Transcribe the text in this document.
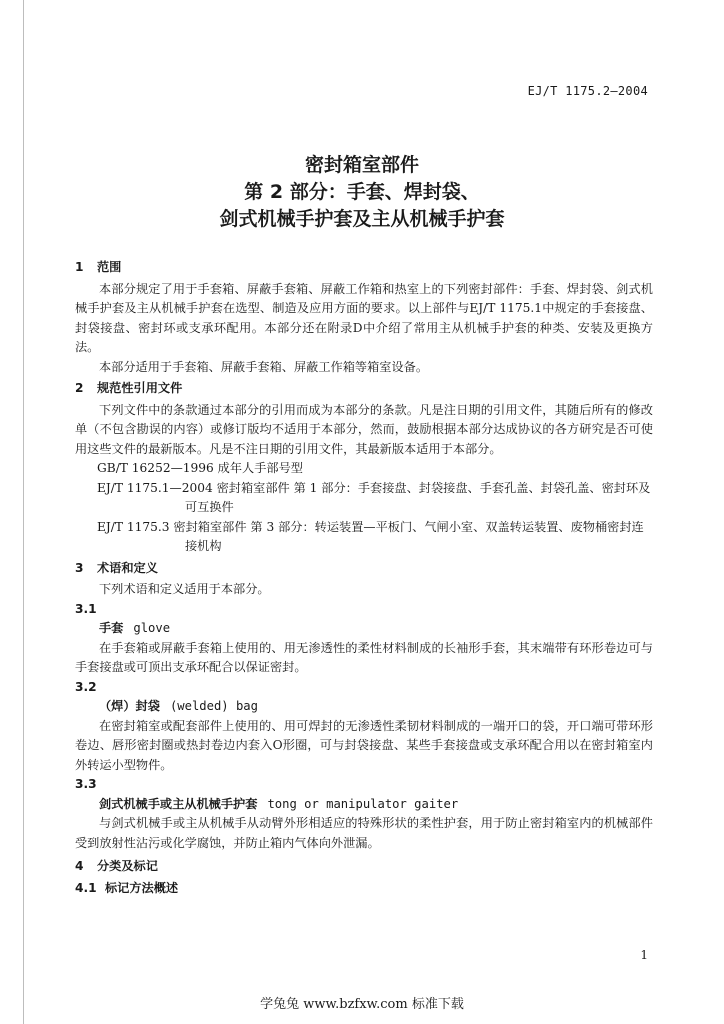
EJ/T 1175.2—2004
密封箱室部件
第 2 部分：手套、焊封袋、
剑式机械手护套及主从机械手护套
1 范围

本部分规定了用于手套箱、屏蔽手套箱、屏蔽工作箱和热室上的下列密封部件：手套、焊封袋、剑式机械手护套及主从机械手护套在选型、制造及应用方面的要求。以上部件与EJ/T 1175.1中规定的手套接盘、封袋接盘、密封环或支承环配用。本部分还在附录D中介绍了常用主从机械手护套的种类、安装及更换方法。

本部分适用于手套箱、屏蔽手套箱、屏蔽工作箱等箱室设备。

2 规范性引用文件

下列文件中的条款通过本部分的引用而成为本部分的条款。凡是注日期的引用文件，其随后所有的修改单（不包含勘误的内容）或修订版均不适用于本部分，然而，鼓励根据本部分达成协议的各方研究是否可使用这些文件的最新版本。凡是不注日期的引用文件，其最新版本适用于本部分。

GB/T 16252—1996 成年人手部号型

EJ/T 1175.1—2004 密封箱室部件 第 1 部分：手套接盘、封袋接盘、手套孔盖、封袋孔盖、密封环及可互换件

EJ/T 1175.3 密封箱室部件 第 3 部分：转运装置—平板门、气闸小室、双盖转运装置、废物桶密封连接机构

3 术语和定义

下列术语和定义适用于本部分。

3.1
手套 glove

在手套箱或屏蔽手套箱上使用的、用无渗透性的柔性材料制成的长袖形手套，其末端带有环形卷边可与手套接盘或可顶出支承环配合以保证密封。

3.2
（焊）封袋 (welded) bag

在密封箱室或配套部件上使用的、用可焊封的无渗透性柔韧材料制成的一端开口的袋，开口端可带环形卷边、唇形密封圈或热封卷边内套入O形圈，可与封袋接盘、某些手套接盘或支承环配合用以在密封箱室内外转运小型物件。

3.3
剑式机械手或主从机械手护套 tong or manipulator gaiter

与剑式机械手或主从机械手从动臂外形相适应的特殊形状的柔性护套，用于防止密封箱室内的机械部件受到放射性沾污或化学腐蚀，并防止箱内气体向外泄漏。

4 分类及标记
4.1 标记方法概述
1
学兔兔 www.bzfxw.com 标准下载
